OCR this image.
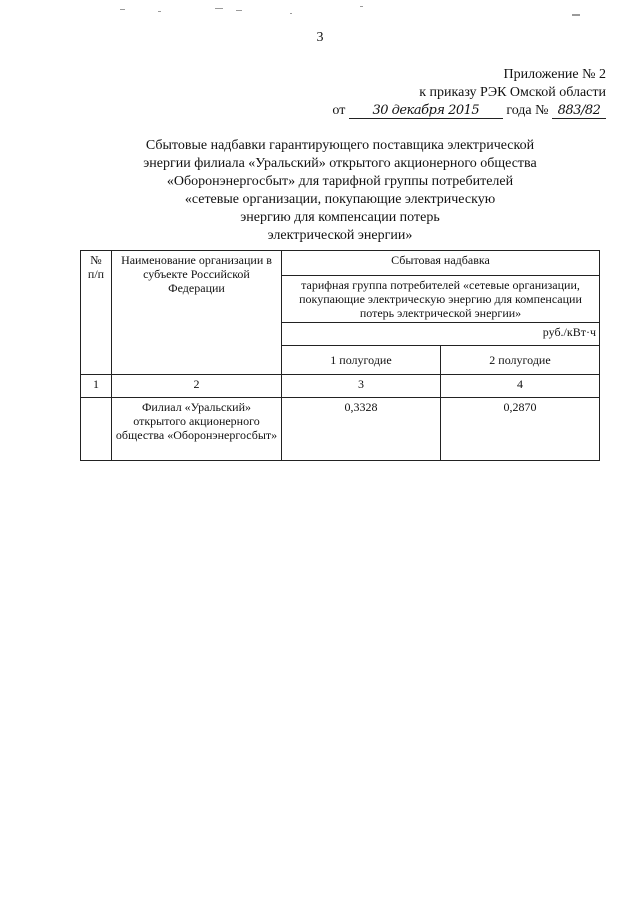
3
Приложение № 2
к приказу РЭК Омской области
от 30 декабря 2015 года № 883/82
Сбытовые надбавки гарантирующего поставщика электрической
энергии филиала «Уральский» открытого акционерного общества
«Оборонэнергосбыт» для тарифной группы потребителей
«сетевые организации, покупающие электрическую
энергию для компенсации потерь
электрической энергии»
№ п/п	Наименование организации в субъекте Российской Федерации	Сбытовая надбавка	
		тарифная группа потребителей «сетевые организации, покупающие электрическую энергию для компенсации потерь электрической энергии»	
		руб./кВт·ч	
		1 полугодие	2 полугодие
1	2	3	4
	Филиал «Уральский» открытого акционерного общества «Оборонэнергосбыт»	0,3328	0,2870
